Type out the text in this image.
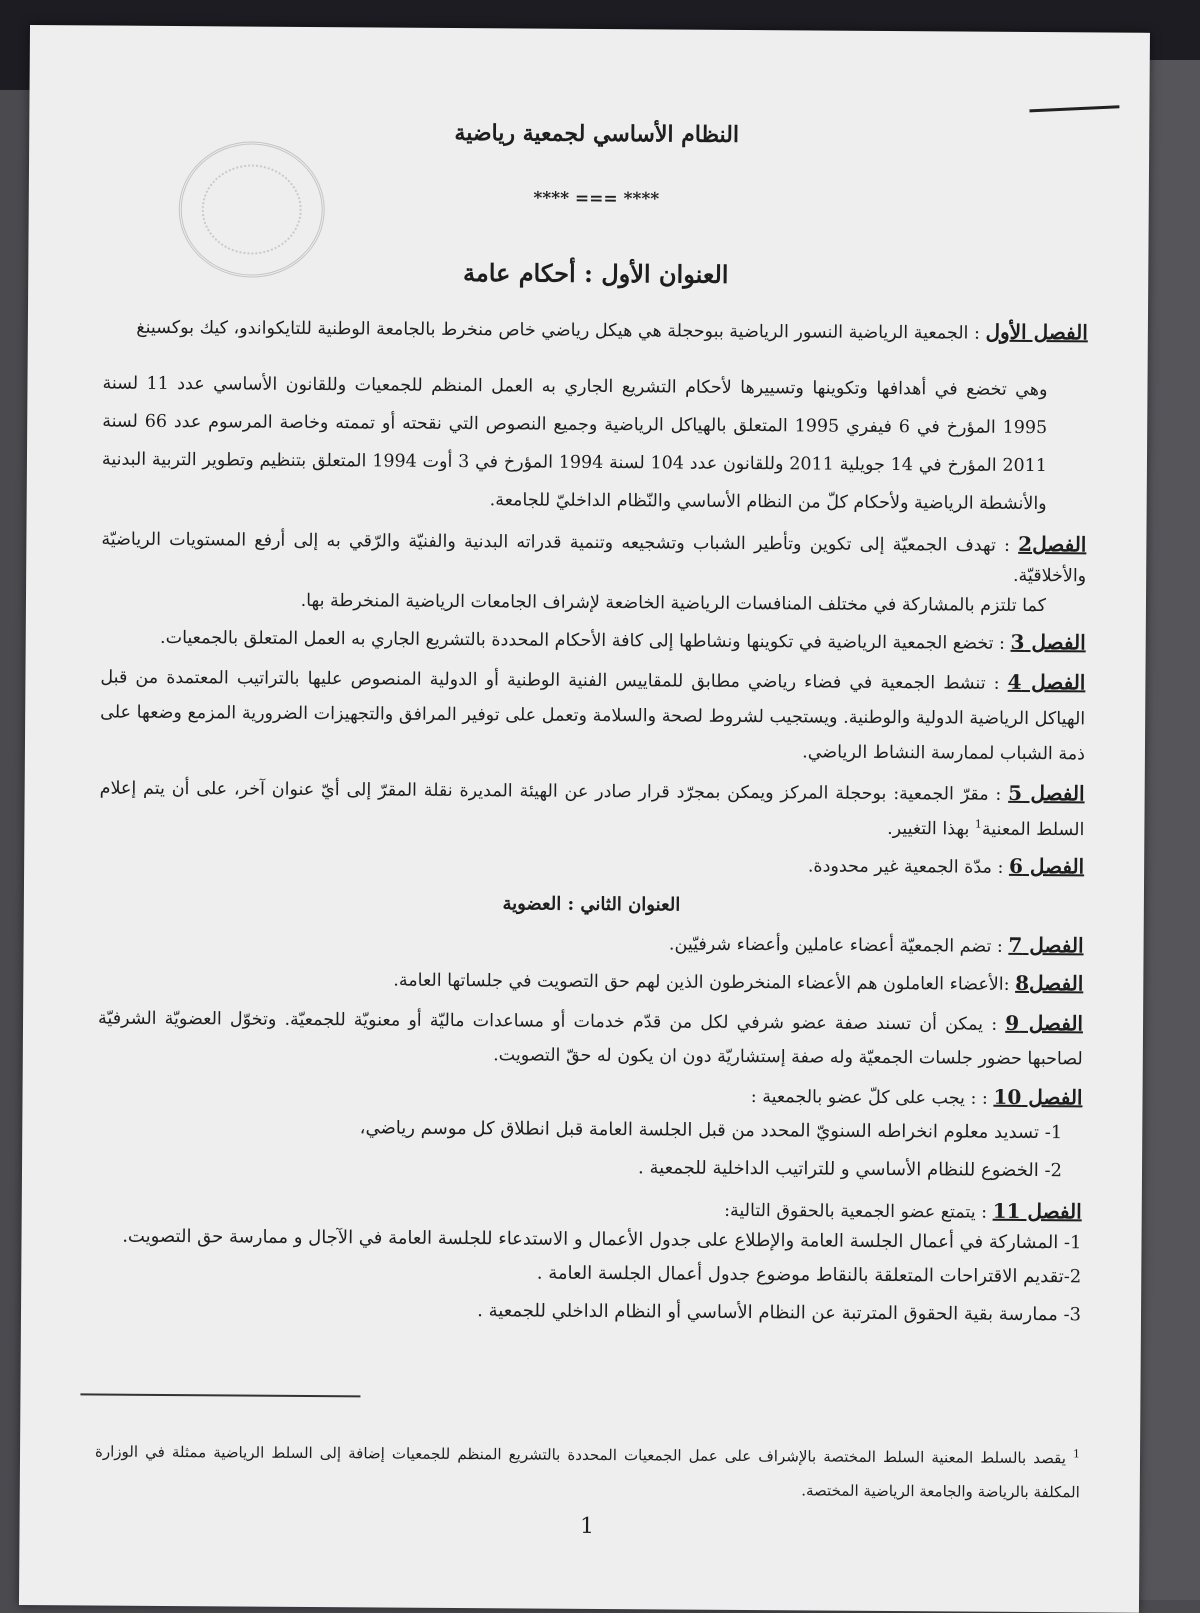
النظام الأساسي لجمعية رياضية
**** === ****
العنوان الأول : أحكام عامة

الفصل الأول : الجمعية الرياضية النسور الرياضية ببوحجلة هي هيكل رياضي خاص منخرط بالجامعة الوطنية للتايكواندو، كيك بوكسينغ

وهي تخضع في أهدافها وتكوينها وتسييرها لأحكام التشريع الجاري به العمل المنظم للجمعيات وللقانون الأساسي عدد 11 لسنة 1995 المؤرخ في 6 فيفري 1995 المتعلق بالهياكل الرياضية وجميع النصوص التي نقحته أو تممته وخاصة المرسوم عدد 66 لسنة 2011 المؤرخ في 14 جويلية 2011 وللقانون عدد 104 لسنة 1994 المؤرخ في 3 أوت 1994 المتعلق بتنظيم وتطوير التربية البدنية والأنشطة الرياضية ولأحكام كلّ من النظام الأساسي والنّظام الداخليّ للجامعة.

الفصل2 : تهدف الجمعيّة إلى تكوين وتأطير الشباب وتشجيعه وتنمية قدراته البدنية والفنيّة والرّقي به إلى أرفع المستويات الرياضيّة والأخلاقيّة.

كما تلتزم بالمشاركة في مختلف المنافسات الرياضية الخاضعة لإشراف الجامعات الرياضية المنخرطة بها.

الفصل 3 : تخضع الجمعية الرياضية في تكوينها ونشاطها إلى كافة الأحكام المحددة بالتشريع الجاري به العمل المتعلق بالجمعيات.

الفصل 4 : تنشط الجمعية في فضاء رياضي مطابق للمقاييس الفنية الوطنية أو الدولية المنصوص عليها بالتراتيب المعتمدة من قبل الهياكل الرياضية الدولية والوطنية. ويستجيب لشروط لصحة والسلامة وتعمل على توفير المرافق والتجهيزات الضرورية المزمع وضعها على ذمة الشباب لممارسة النشاط الرياضي.

الفصل 5 : مقرّ الجمعية: بوحجلة المركز ويمكن بمجرّد قرار صادر عن الهيئة المديرة نقلة المقرّ إلى أيّ عنوان آخر، على أن يتم إعلام السلط المعنية$^1$ بهذا التغيير.

الفصل 6 : مدّة الجمعية غير محدودة.

العنوان الثاني : العضوية

الفصل 7 : تضم الجمعيّة أعضاء عاملين وأعضاء شرفيّين.

الفصل8 :الأعضاء العاملون هم الأعضاء المنخرطون الذين لهم حق التصويت في جلساتها العامة.

الفصل 9 : يمكن أن تسند صفة عضو شرفي لكل من قدّم خدمات أو مساعدات ماليّة أو معنويّة للجمعيّة. وتخوّل العضويّة الشرفيّة لصاحبها حضور جلسات الجمعيّة وله صفة إستشاريّة دون ان يكون له حقّ التصويت.

الفصل 10 : : يجب على كلّ عضو بالجمعية :

1- تسديد معلوم انخراطه السنويّ المحدد من قبل الجلسة العامة قبل انطلاق كل موسم رياضي،

2- الخضوع للنظام الأساسي و للتراتيب الداخلية للجمعية .

الفصل 11 : يتمتع عضو الجمعية بالحقوق التالية:

1- المشاركة في أعمال الجلسة العامة والإطلاع على جدول الأعمال و الاستدعاء للجلسة العامة في الآجال و ممارسة حق التصويت.

2-تقديم الاقتراحات المتعلقة بالنقاط موضوع جدول أعمال الجلسة العامة .

3- ممارسة بقية الحقوق المترتبة عن النظام الأساسي أو النظام الداخلي للجمعية .

$^1$ يقصد بالسلط المعنية السلط المختصة بالإشراف على عمل الجمعيات المحددة بالتشريع المنظم للجمعيات إضافة إلى السلط الرياضية ممثلة في الوزارة المكلفة بالرياضة والجامعة الرياضية المختصة.
1
